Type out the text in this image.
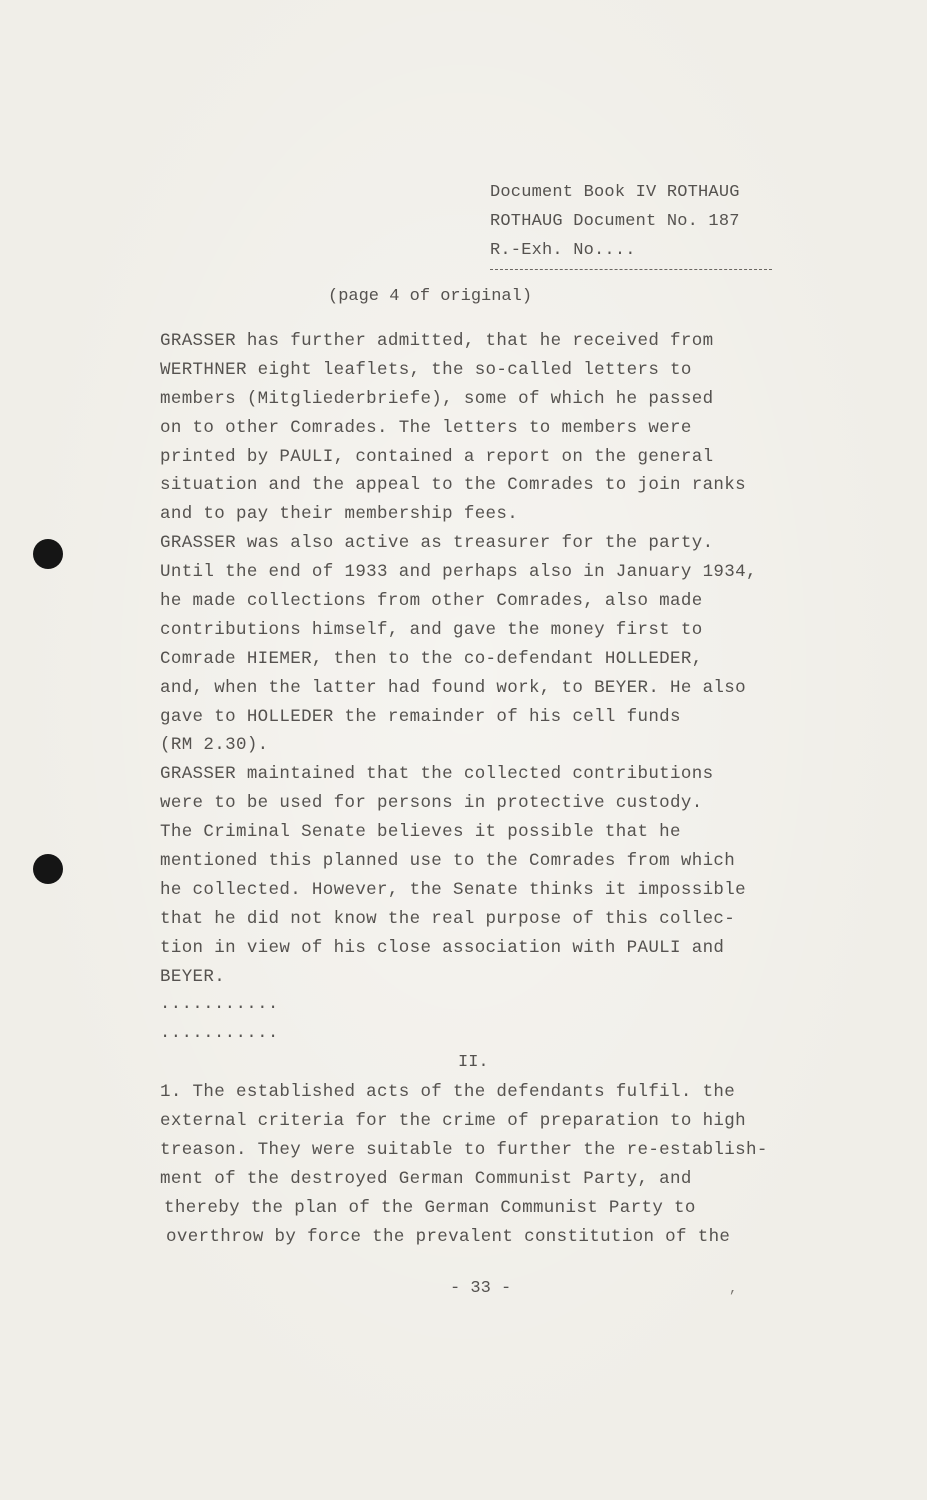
Document Book IV ROTHAUG
ROTHAUG Document No. 187
R.-Exh. No....
(page 4 of original)
GRASSER has further admitted, that he received from
WERTHNER eight leaflets, the so-called letters to
members (Mitgliederbriefe), some of which he passed
on to other Comrades. The letters to members were
printed by PAULI, contained a report on the general
situation and the appeal to the Comrades to join ranks
and to pay their membership fees.
GRASSER was also active as treasurer for the party.
Until the end of 1933 and perhaps also in January 1934,
he made collections from other Comrades, also made
contributions himself, and gave the money first to
Comrade HIEMER, then to the co-defendant HOLLEDER,
and, when the latter had found work, to BEYER. He also
gave to HOLLEDER the remainder of his cell funds
(RM 2.30).
GRASSER maintained that the collected contributions
were to be used for persons in protective custody.
The Criminal Senate believes it possible that he
mentioned this planned use to the Comrades from which
he collected. However, the Senate thinks it impossible
that he did not know the real purpose of this collec-
tion in view of his close association with PAULI and
BEYER.
...........
...........
II.
1. The established acts of the defendants fulfil. the
external criteria for the crime of preparation to high
treason. They were suitable to further the re-establish-
ment of the destroyed German Communist Party, and
thereby the plan of the German Communist Party to
overthrow by force the prevalent constitution of the
- 33 -	,
